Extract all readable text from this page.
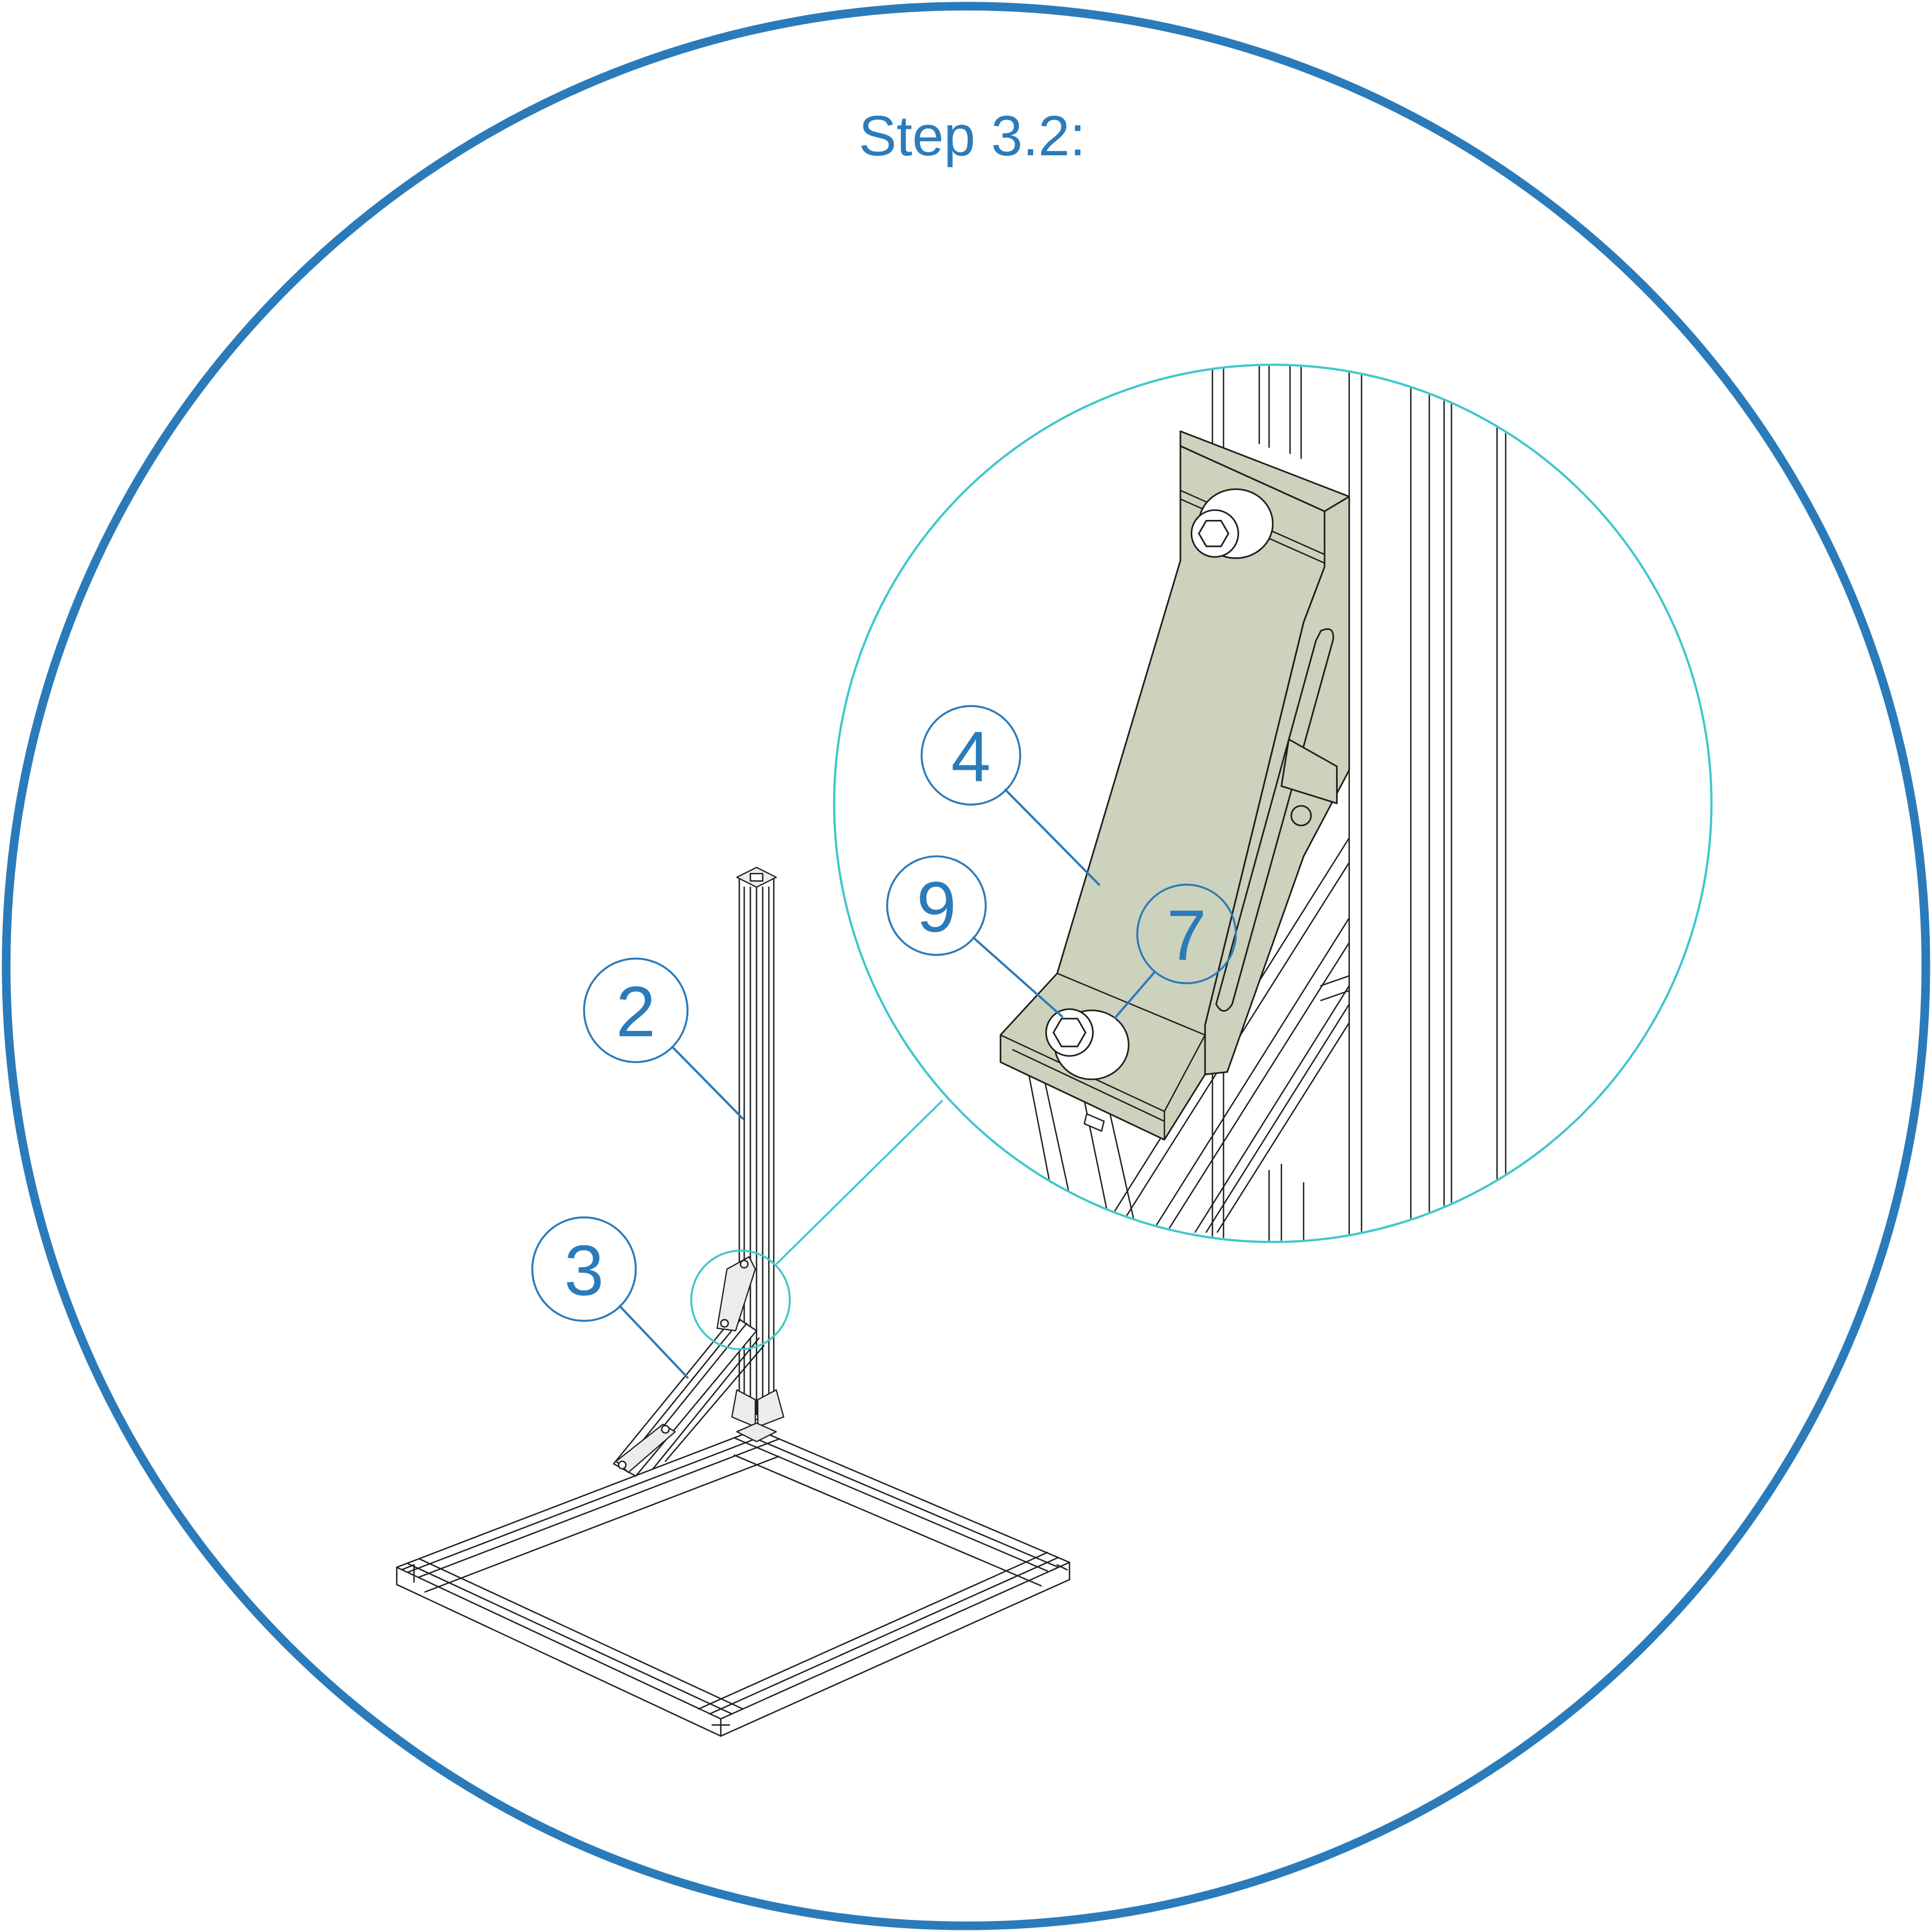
Step 3.2:
2
3
4
9	7
